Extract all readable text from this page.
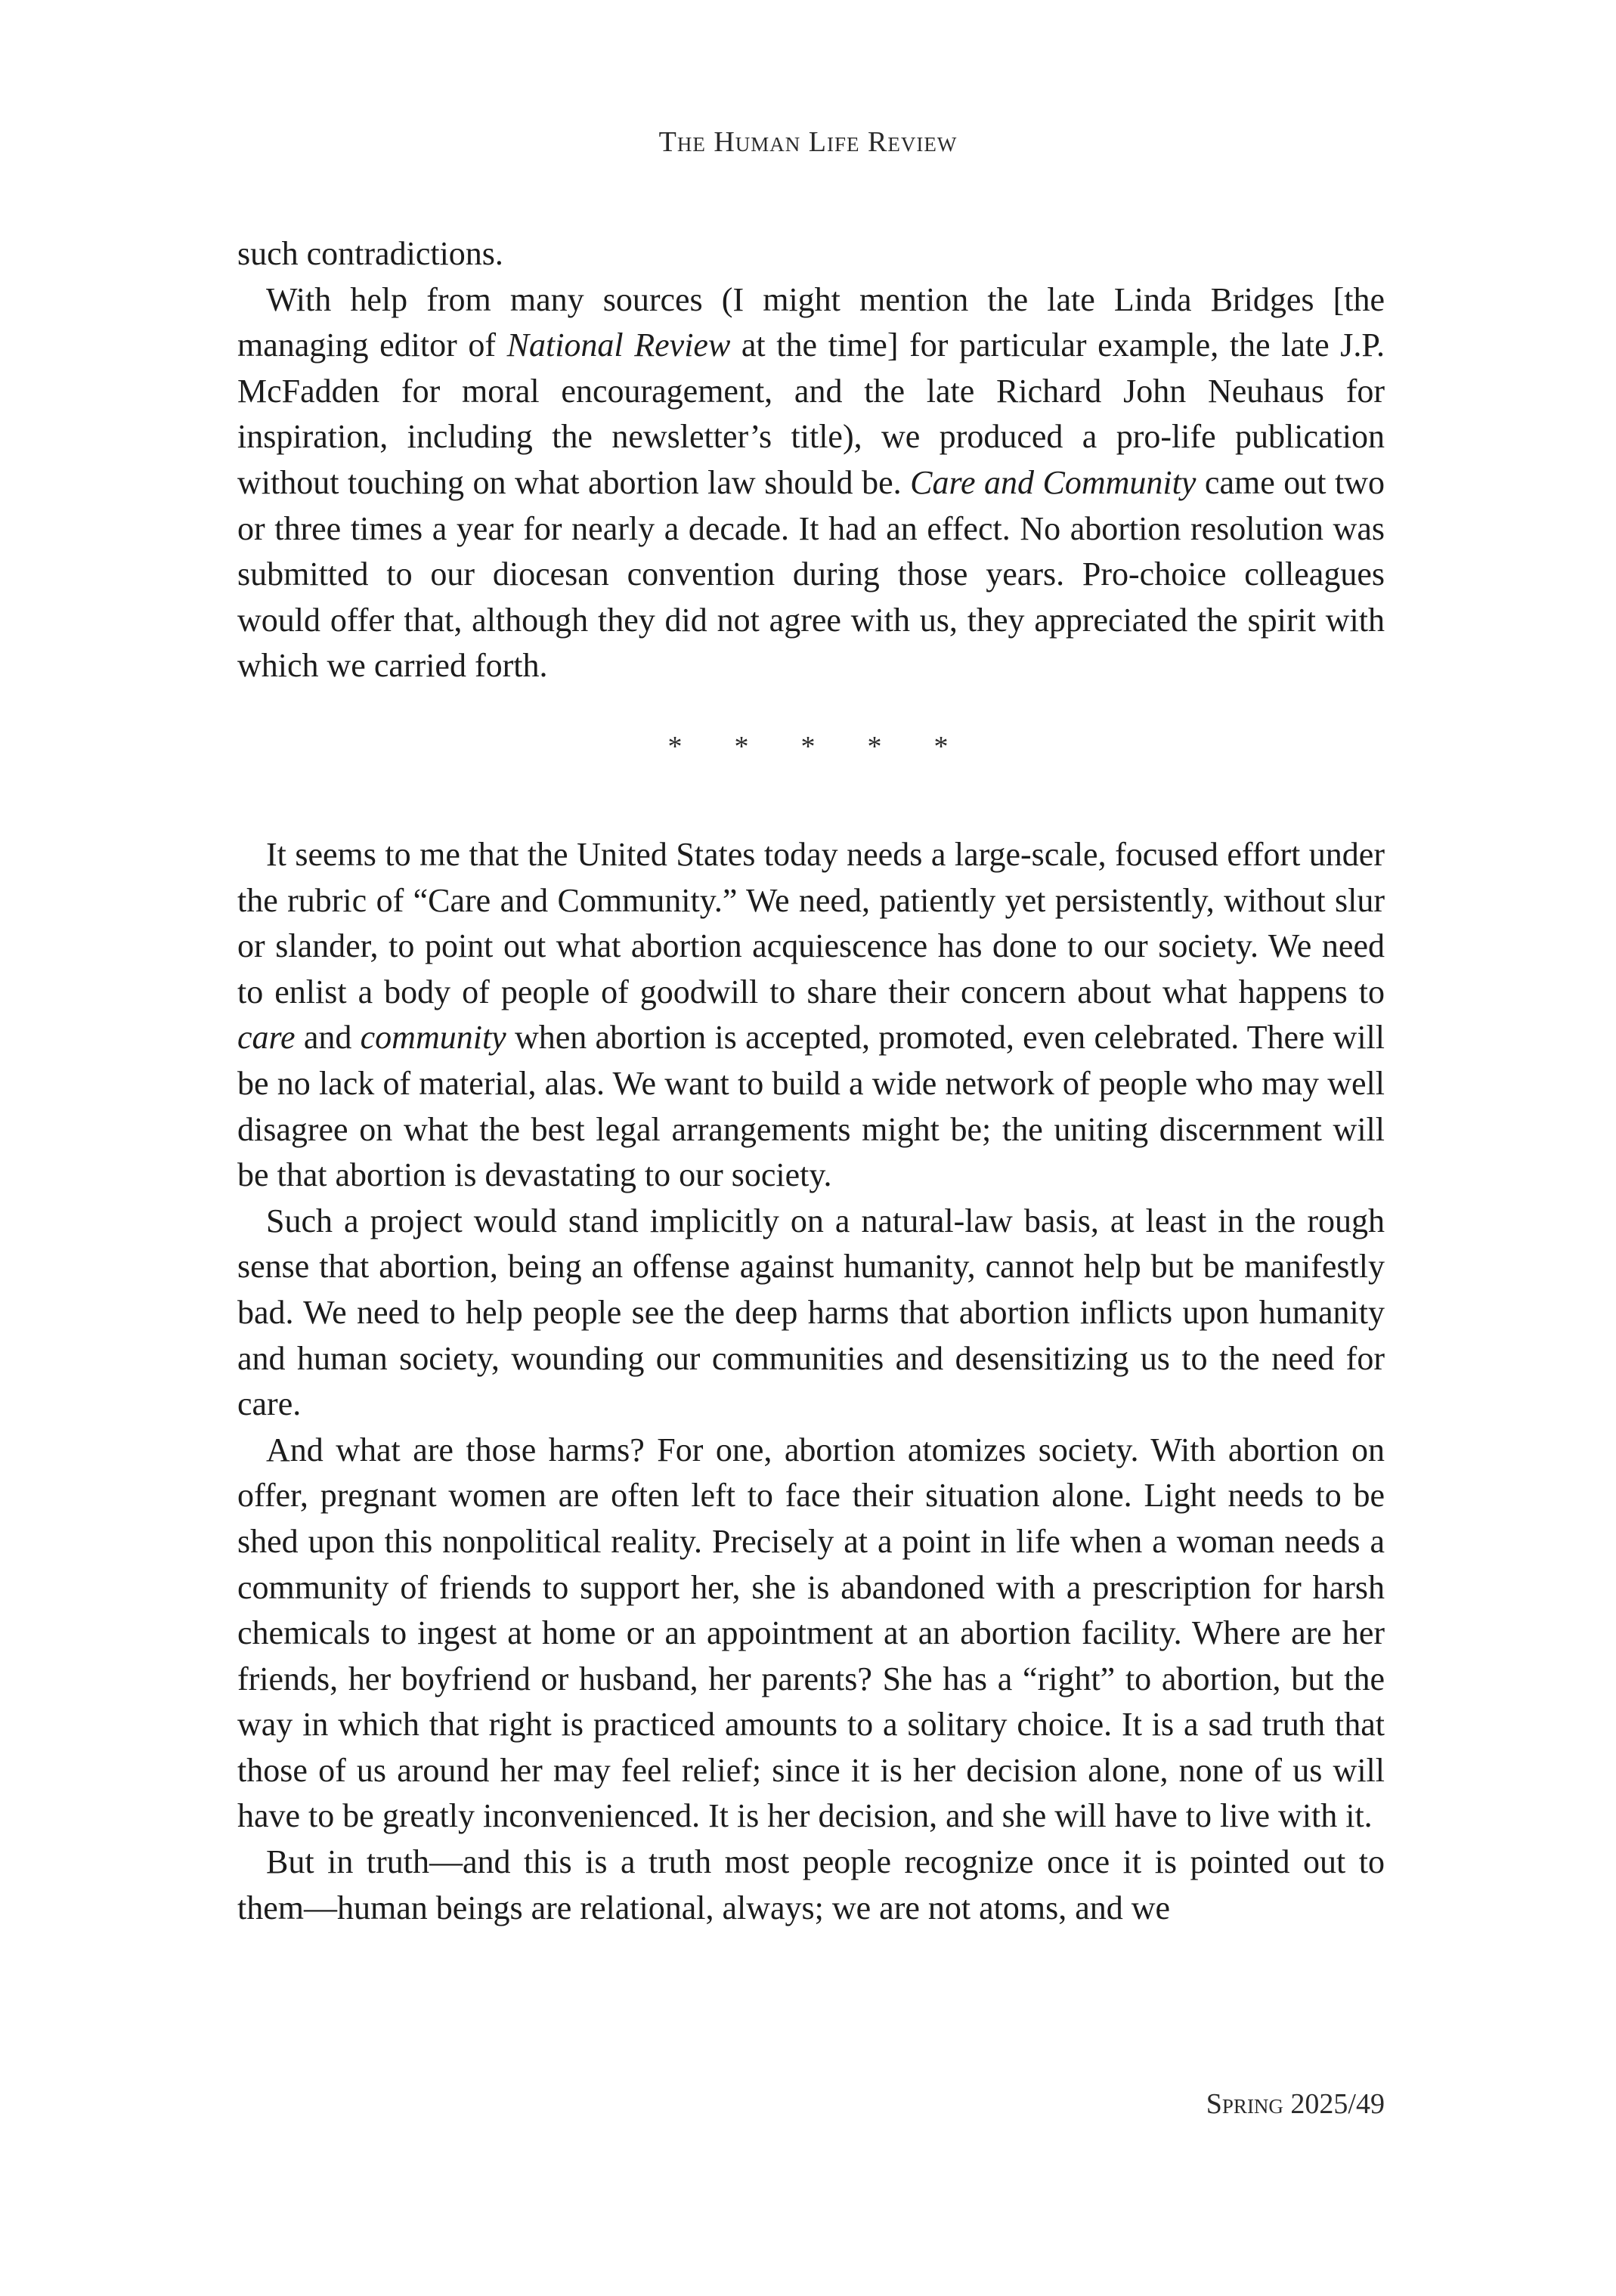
The Human Life Review

such contradictions.

With help from many sources (I might mention the late Linda Bridges [the managing editor of National Review at the time] for particular example, the late J.P. McFadden for moral encouragement, and the late Richard John Neuhaus for inspiration, including the newsletter’s title), we produced a pro-life publication without touching on what abortion law should be. Care and Community came out two or three times a year for nearly a decade. It had an effect. No abortion resolution was submitted to our diocesan convention during those years. Pro-choice colleagues would offer that, although they did not agree with us, they appreciated the spirit with which we carried forth.

* * * * *

It seems to me that the United States today needs a large-scale, focused effort under the rubric of “Care and Community.” We need, patiently yet persistently, without slur or slander, to point out what abortion acquiescence has done to our society. We need to enlist a body of people of goodwill to share their concern about what happens to care and community when abortion is accepted, promoted, even celebrated. There will be no lack of material, alas. We want to build a wide network of people who may well disagree on what the best legal arrangements might be; the uniting discernment will be that abortion is devastating to our society.

Such a project would stand implicitly on a natural-law basis, at least in the rough sense that abortion, being an offense against humanity, cannot help but be manifestly bad. We need to help people see the deep harms that abortion inflicts upon humanity and human society, wounding our communities and desensitizing us to the need for care.

And what are those harms? For one, abortion atomizes society. With abortion on offer, pregnant women are often left to face their situation alone. Light needs to be shed upon this nonpolitical reality. Precisely at a point in life when a woman needs a community of friends to support her, she is abandoned with a prescription for harsh chemicals to ingest at home or an appointment at an abortion facility. Where are her friends, her boyfriend or husband, her parents? She has a “right” to abortion, but the way in which that right is practiced amounts to a solitary choice. It is a sad truth that those of us around her may feel relief; since it is her decision alone, none of us will have to be greatly inconvenienced. It is her decision, and she will have to live with it.

But in truth—and this is a truth most people recognize once it is pointed out to them—human beings are relational, always; we are not atoms, and we

Spring 2025/49
